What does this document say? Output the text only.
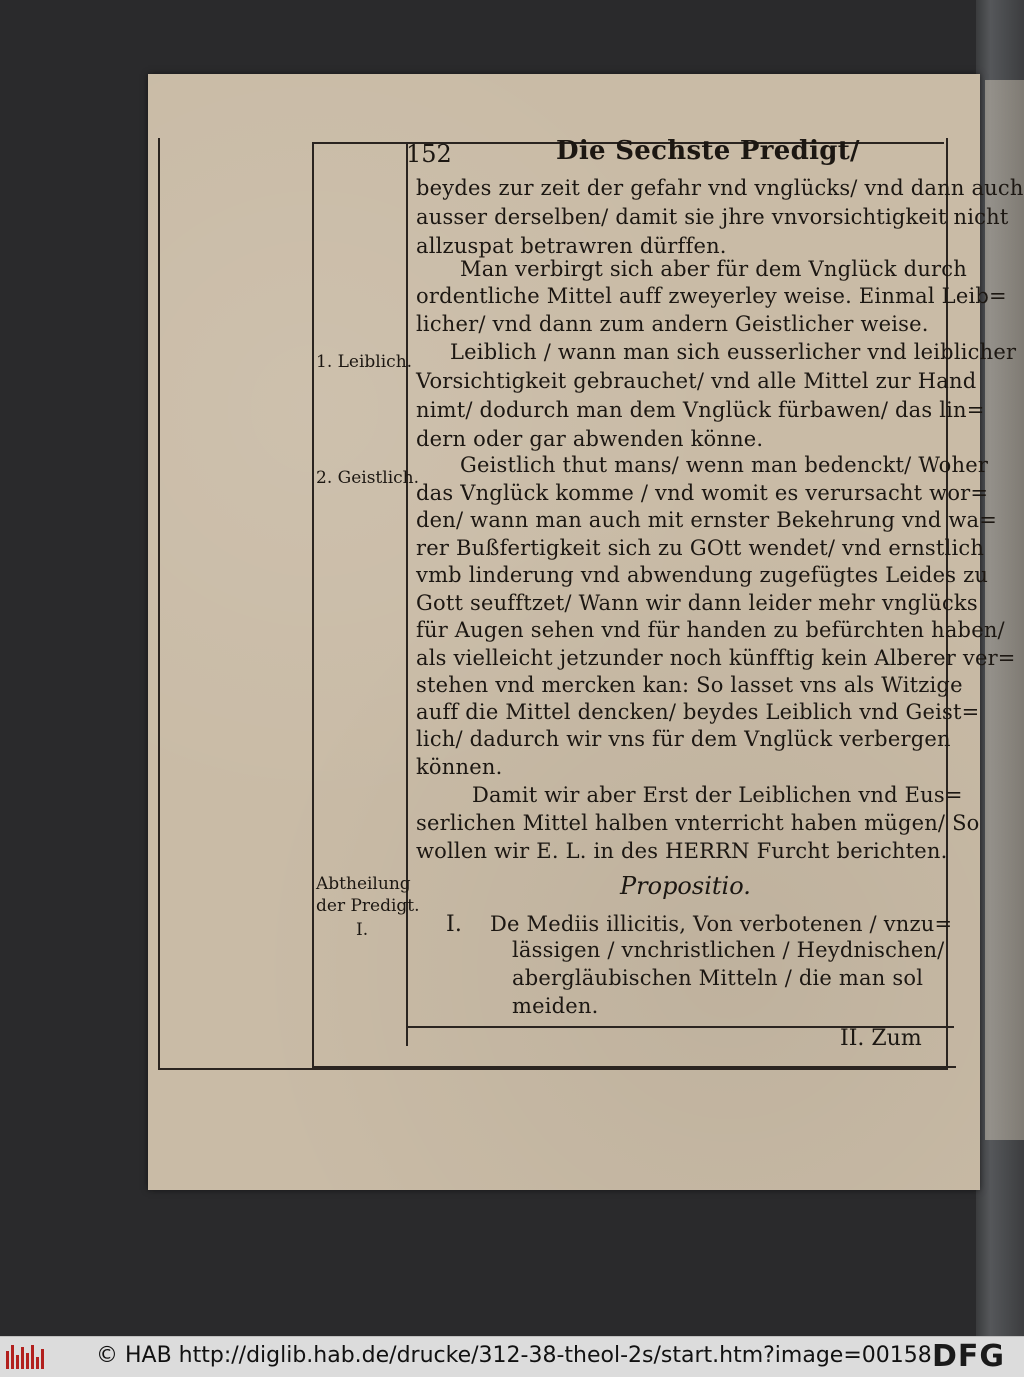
152	Die Sechste Predigt/
beydes zur zeit der gefahr vnd vnglücks/ vnd dann auch
ausser derselben/ damit sie jhre vnvorsichtigkeit nicht
allzuspat betrawren dürffen.
Man verbirgt sich aber für dem Vnglück durch
ordentliche Mittel auff zweyerley weise. Einmal Leib=
licher/ vnd dann zum andern Geistlicher weise.
Leiblich / wann man sich eusserlicher vnd leiblicher
Vorsichtigkeit gebrauchet/ vnd alle Mittel zur Hand
nimt/ dodurch man dem Vnglück fürbawen/ das lin=
dern oder gar abwenden könne.
Geistlich thut mans/ wenn man bedenckt/ Woher
das Vnglück komme / vnd womit es verursacht wor=
den/ wann man auch mit ernster Bekehrung vnd wa=
rer Bußfertigkeit sich zu GOtt wendet/ vnd ernstlich
vmb linderung vnd abwendung zugefügtes Leides zu
Gott seufftzet/ Wann wir dann leider mehr vnglücks
für Augen sehen vnd für handen zu befürchten haben/
als vielleicht jetzunder noch künfftig kein Alberer ver=
stehen vnd mercken kan: So lasset vns als Witzige
auff die Mittel dencken/ beydes Leiblich vnd Geist=
lich/ dadurch wir vns für dem Vnglück verbergen
können.
Damit wir aber Erst der Leiblichen vnd Eus=
serlichen Mittel halben vnterricht haben mügen/ So
wollen wir E. L. in des HERRN Furcht berichten.
1. Leiblich.
2. Geistlich.
Abtheilung
der Predigt.
I.
Propositio.
I. De Mediis illicitis, Von verbotenen / vnzu=
lässigen / vnchristlichen / Heydnischen/
abergläubischen Mitteln / die man sol
meiden.
II. Zum
© HAB http://diglib.hab.de/drucke/312-38-theol-2s/start.htm?image=00158 DFG
